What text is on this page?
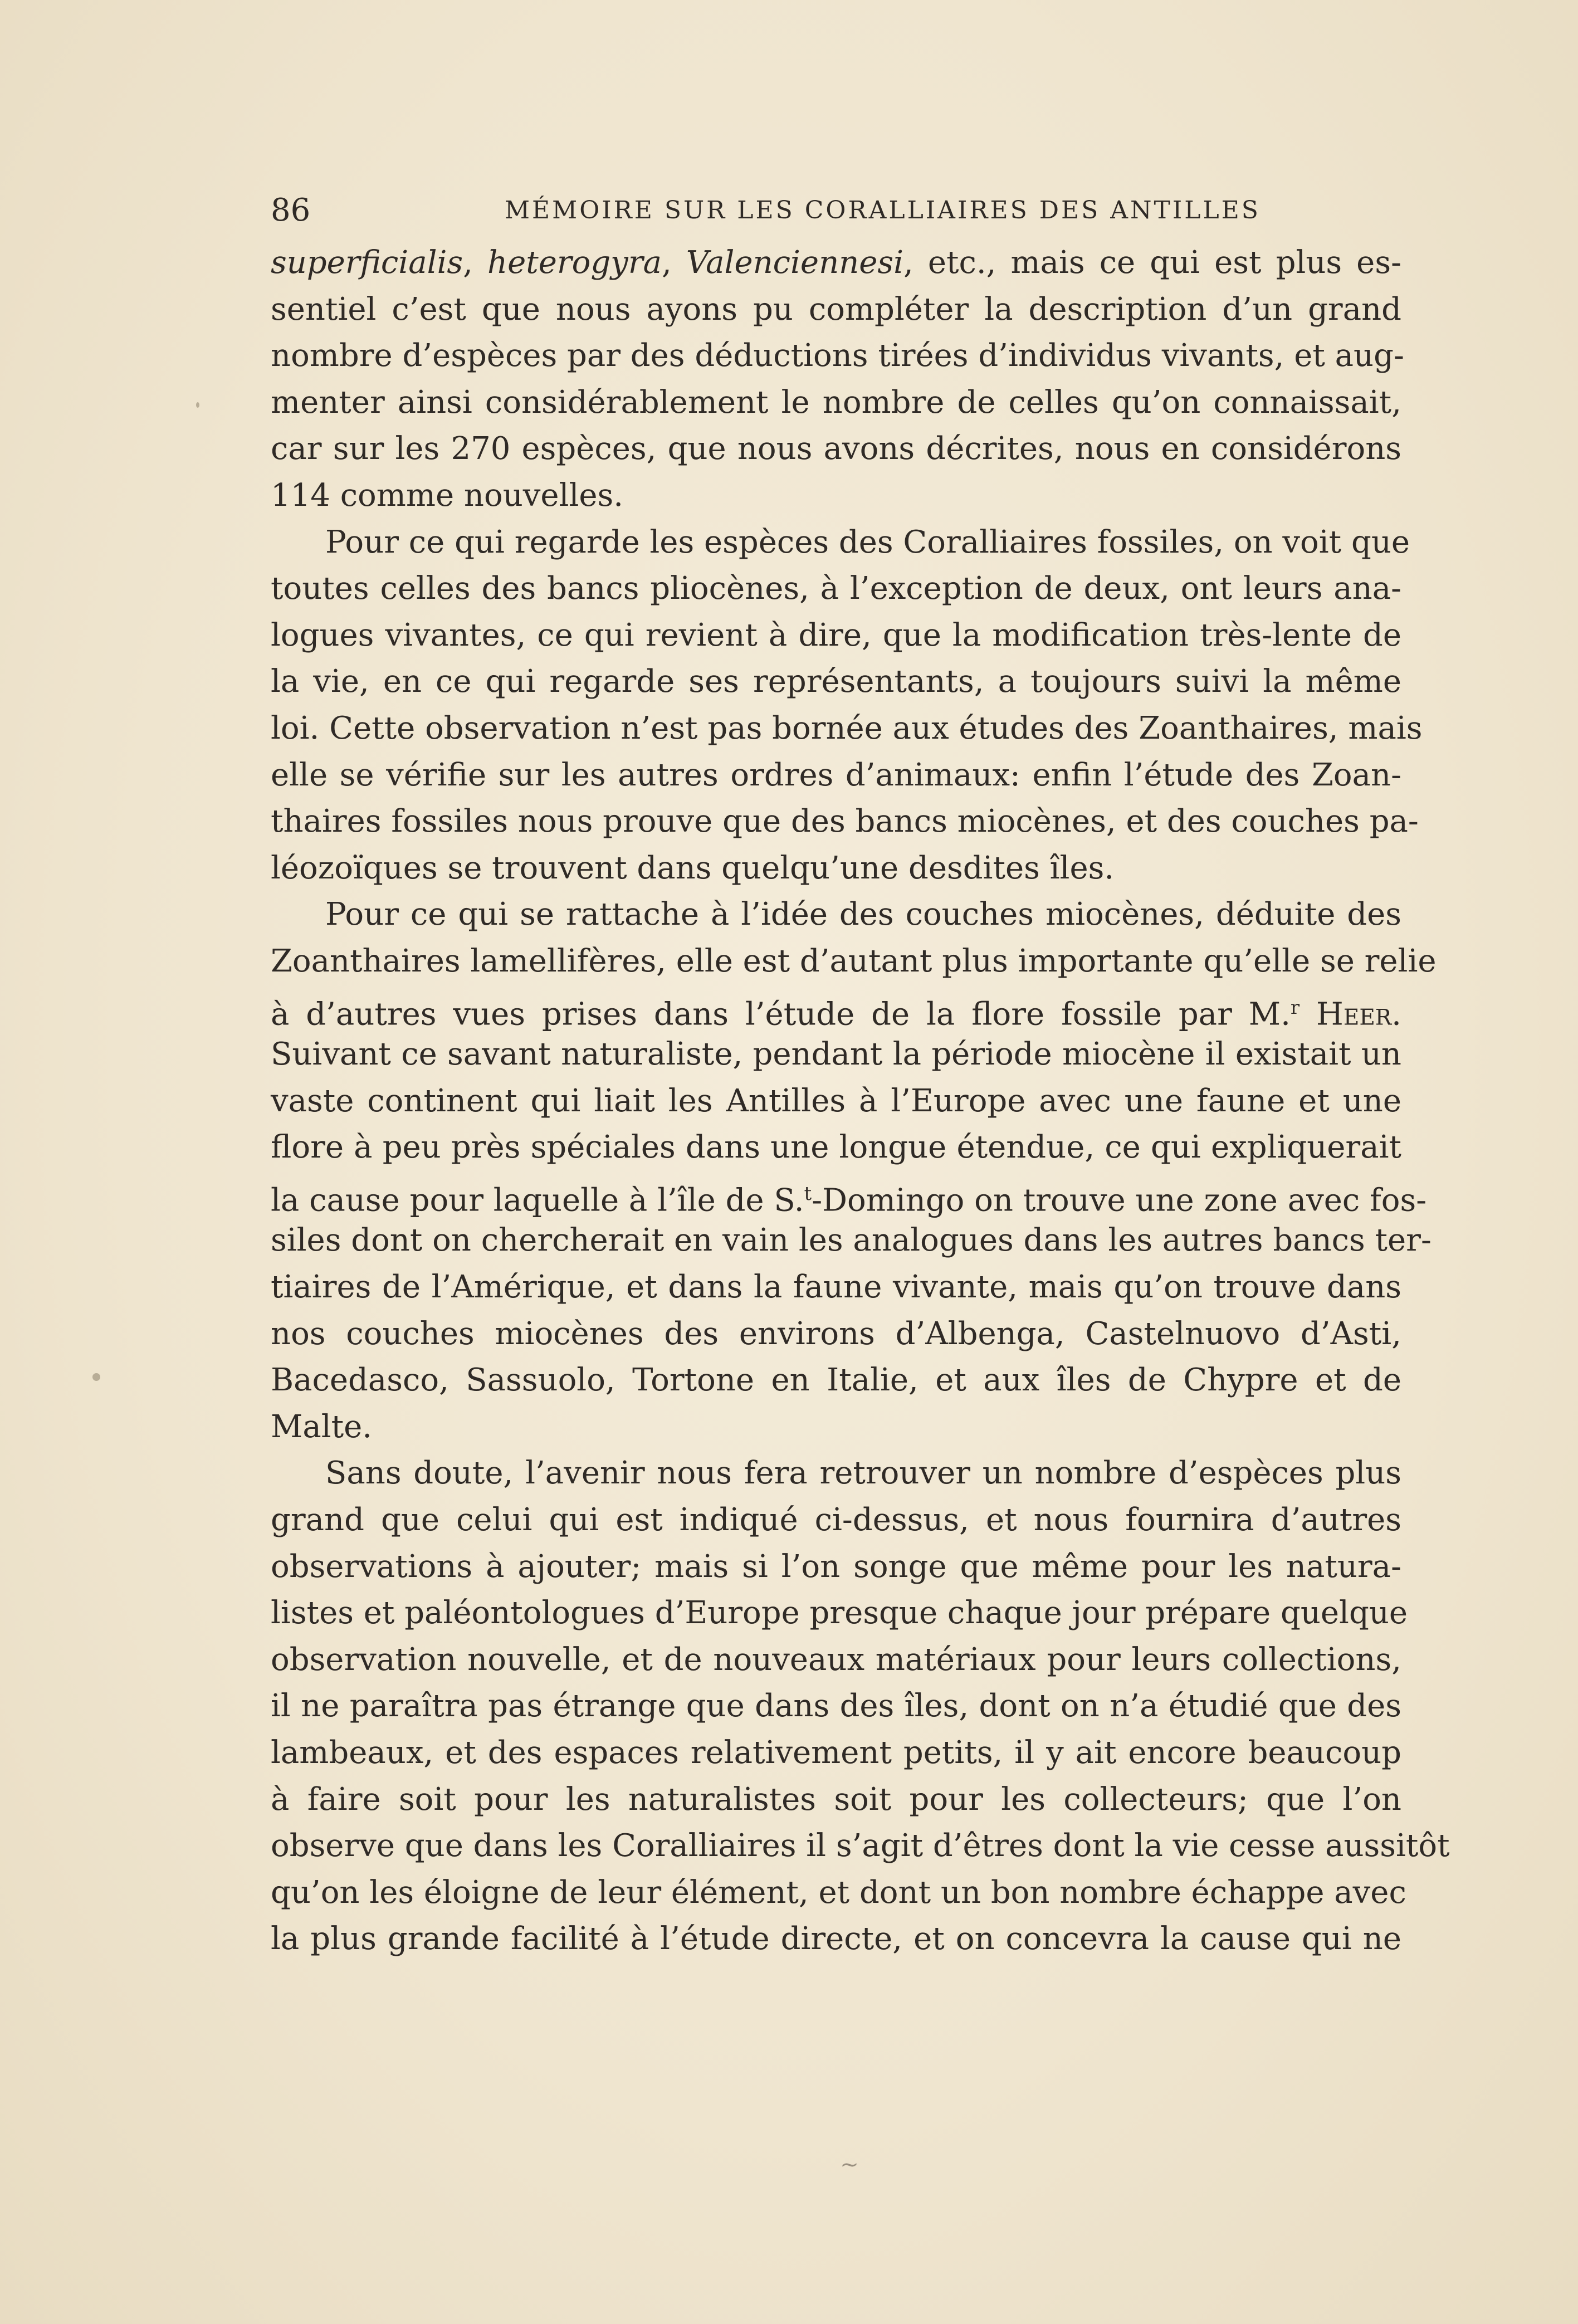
86	MÉMOIRE SUR LES CORALLIAIRES DES ANTILLES
superficialis, heterogyra, Valenciennesi, etc., mais ce qui est plus es-
sentiel c’est que nous ayons pu compléter la description d’un grand
nombre d’espèces par des déductions tirées d’individus vivants, et aug-
menter ainsi considérablement le nombre de celles qu’on connaissait,
car sur les 270 espèces, que nous avons décrites, nous en considérons
114 comme nouvelles.
Pour ce qui regarde les espèces des Coralliaires fossiles, on voit que
toutes celles des bancs pliocènes, à l’exception de deux, ont leurs ana-
logues vivantes, ce qui revient à dire, que la modification très-lente de
la vie, en ce qui regarde ses représentants, a toujours suivi la même
loi. Cette observation n’est pas bornée aux études des Zoanthaires, mais
elle se vérifie sur les autres ordres d’animaux: enfin l’étude des Zoan-
thaires fossiles nous prouve que des bancs miocènes, et des couches pa-
léozoïques se trouvent dans quelqu’une desdites îles.
Pour ce qui se rattache à l’idée des couches miocènes, déduite des
Zoanthaires lamellifères, elle est d’autant plus importante qu’elle se relie
à d’autres vues prises dans l’étude de la flore fossile par M.$^r$ Heer.
Suivant ce savant naturaliste, pendant la période miocène il existait un
vaste continent qui liait les Antilles à l’Europe avec une faune et une
flore à peu près spéciales dans une longue étendue, ce qui expliquerait
la cause pour laquelle à l’île de S.$^t$-Domingo on trouve une zone avec fos-
siles dont on chercherait en vain les analogues dans les autres bancs ter-
tiaires de l’Amérique, et dans la faune vivante, mais qu’on trouve dans
nos couches miocènes des environs d’Albenga, Castelnuovo d’Asti,
Bacedasco, Sassuolo, Tortone en Italie, et aux îles de Chypre et de
Malte.
Sans doute, l’avenir nous fera retrouver un nombre d’espèces plus
grand que celui qui est indiqué ci-dessus, et nous fournira d’autres
observations à ajouter; mais si l’on songe que même pour les natura-
listes et paléontologues d’Europe presque chaque jour prépare quelque
observation nouvelle, et de nouveaux matériaux pour leurs collections,
il ne paraîtra pas étrange que dans des îles, dont on n’a étudié que des
lambeaux, et des espaces relativement petits, il y ait encore beaucoup
à faire soit pour les naturalistes soit pour les collecteurs; que l’on
observe que dans les Coralliaires il s’agit d’êtres dont la vie cesse aussitôt
qu’on les éloigne de leur élément, et dont un bon nombre échappe avec
la plus grande facilité à l’étude directe, et on concevra la cause qui ne
~
